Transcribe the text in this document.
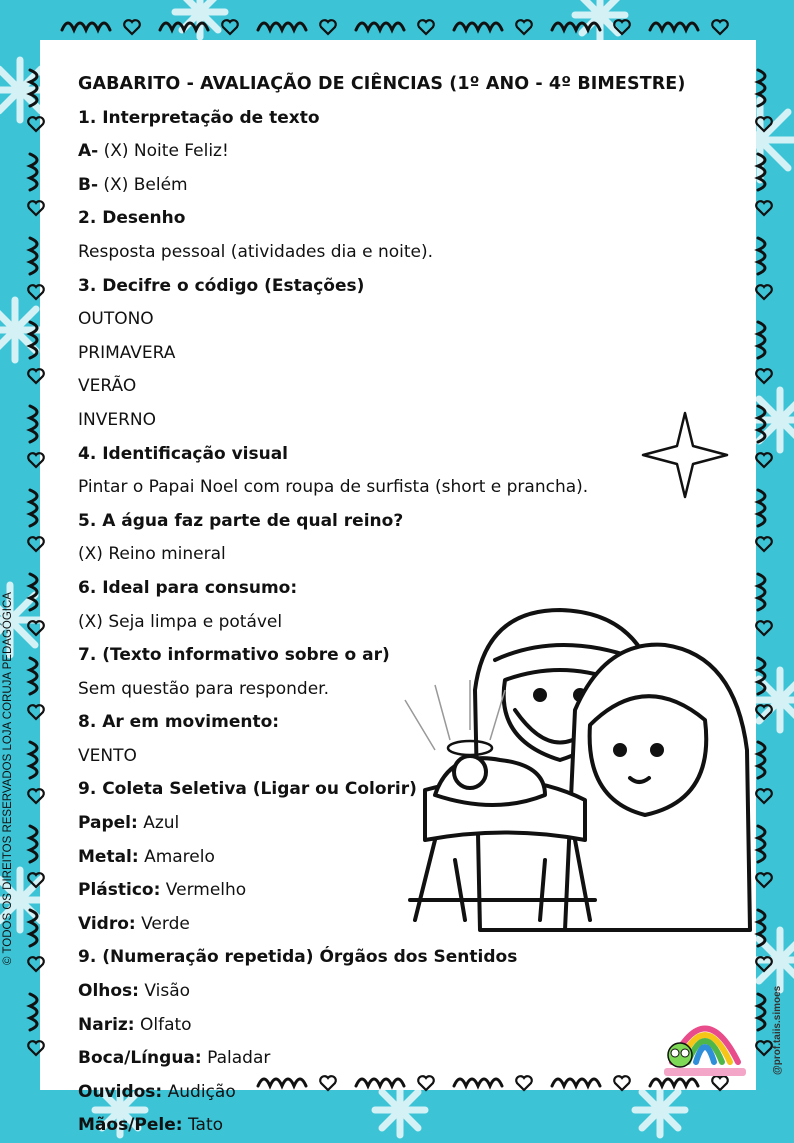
GABARITO - AVALIAÇÃO DE CIÊNCIAS (1º ANO - 4º BIMESTRE)
1. Interpretação de texto
A- (X) Noite Feliz!
B- (X) Belém
2. Desenho
Resposta pessoal (atividades dia e noite).
3. Decifre o código (Estações)
OUTONO
PRIMAVERA
VERÃO
INVERNO
4. Identificação visual
Pintar o Papai Noel com roupa de surfista (short e prancha).
5. A água faz parte de qual reino?
(X) Reino mineral
6. Ideal para consumo:
(X) Seja limpa e potável
7. (Texto informativo sobre o ar)
Sem questão para responder.
8. Ar em movimento:
VENTO
9. Coleta Seletiva (Ligar ou Colorir)
Papel: Azul
Metal: Amarelo
Plástico: Vermelho
Vidro: Verde
9. (Numeração repetida) Órgãos dos Sentidos
Olhos: Visão
Nariz: Olfato
Boca/Língua: Paladar
Ouvidos: Audição
Mãos/Pele: Tato
© TODOS OS DIREITOS RESERVADOS LOJA CORUJA PEDAGÓGICA
@prof.taiis.simoes
